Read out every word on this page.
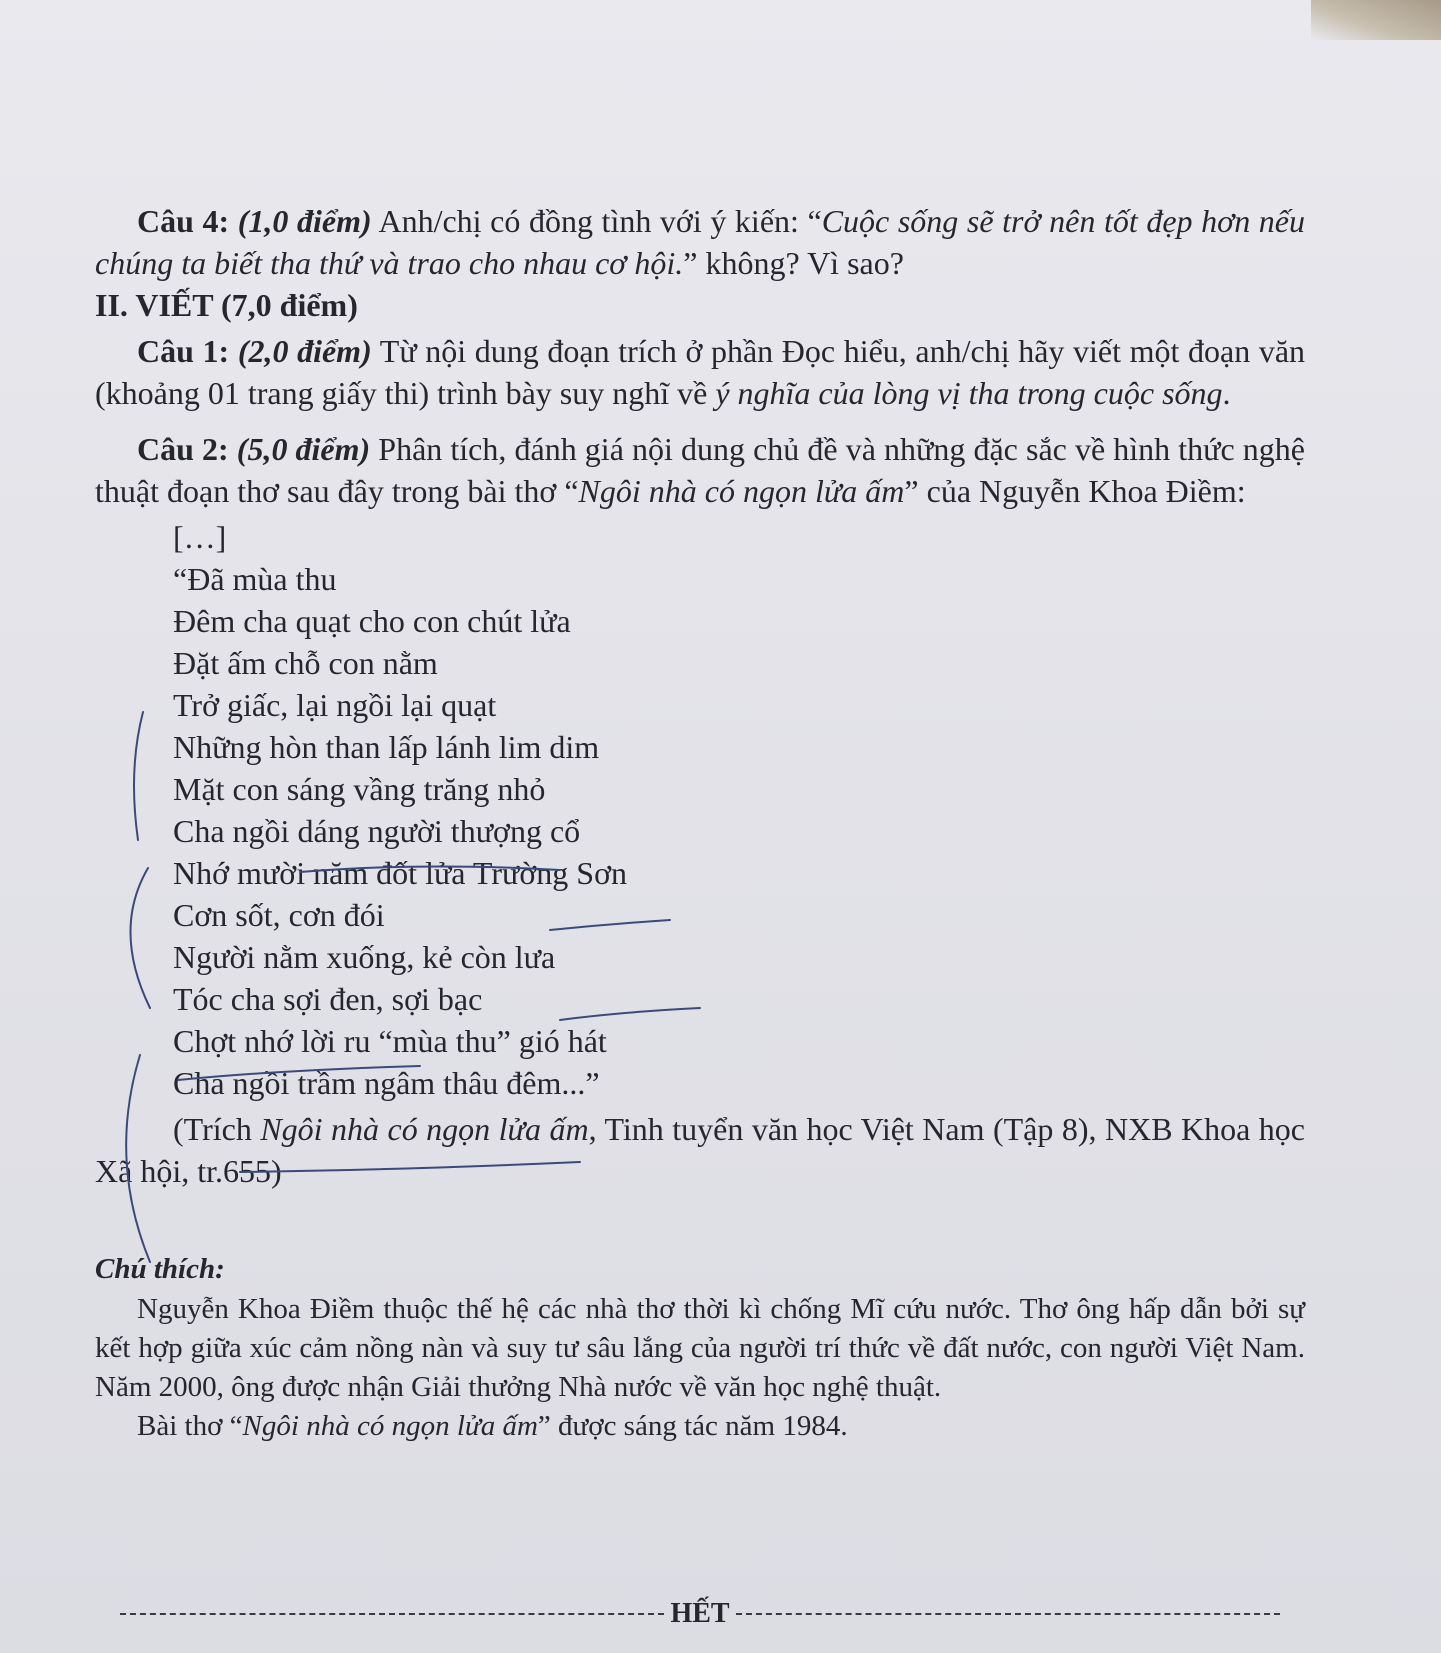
Câu 4: (1,0 điểm) Anh/chị có đồng tình với ý kiến: “Cuộc sống sẽ trở nên tốt đẹp hơn nếu chúng ta biết tha thứ và trao cho nhau cơ hội.” không? Vì sao?

II. VIẾT (7,0 điểm)

Câu 1: (2,0 điểm) Từ nội dung đoạn trích ở phần Đọc hiểu, anh/chị hãy viết một đoạn văn (khoảng 01 trang giấy thi) trình bày suy nghĩ về ý nghĩa của lòng vị tha trong cuộc sống.

Câu 2: (5,0 điểm) Phân tích, đánh giá nội dung chủ đề và những đặc sắc về hình thức nghệ thuật đoạn thơ sau đây trong bài thơ “Ngôi nhà có ngọn lửa ấm” của Nguyễn Khoa Điềm:

[…]
“Đã mùa thu
Đêm cha quạt cho con chút lửa
Đặt ấm chỗ con nằm
Trở giấc, lại ngồi lại quạt
Những hòn than lấp lánh lim dim
Mặt con sáng vầng trăng nhỏ
Cha ngồi dáng người thượng cổ
Nhớ mười năm đốt lửa Trường Sơn
Cơn sốt, cơn đói
Người nằm xuống, kẻ còn lưa
Tóc cha sợi đen, sợi bạc
Chợt nhớ lời ru “mùa thu” gió hát
Cha ngồi trầm ngâm thâu đêm...”

(Trích Ngôi nhà có ngọn lửa ấm, Tinh tuyển văn học Việt Nam (Tập 8), NXB Khoa học Xã hội, tr.655)

Chú thích:

Nguyễn Khoa Điềm thuộc thế hệ các nhà thơ thời kì chống Mĩ cứu nước. Thơ ông hấp dẫn bởi sự kết hợp giữa xúc cảm nồng nàn và suy tư sâu lắng của người trí thức về đất nước, con người Việt Nam. Năm 2000, ông được nhận Giải thưởng Nhà nước về văn học nghệ thuật.

Bài thơ “Ngôi nhà có ngọn lửa ấm” được sáng tác năm 1984.

HẾT
